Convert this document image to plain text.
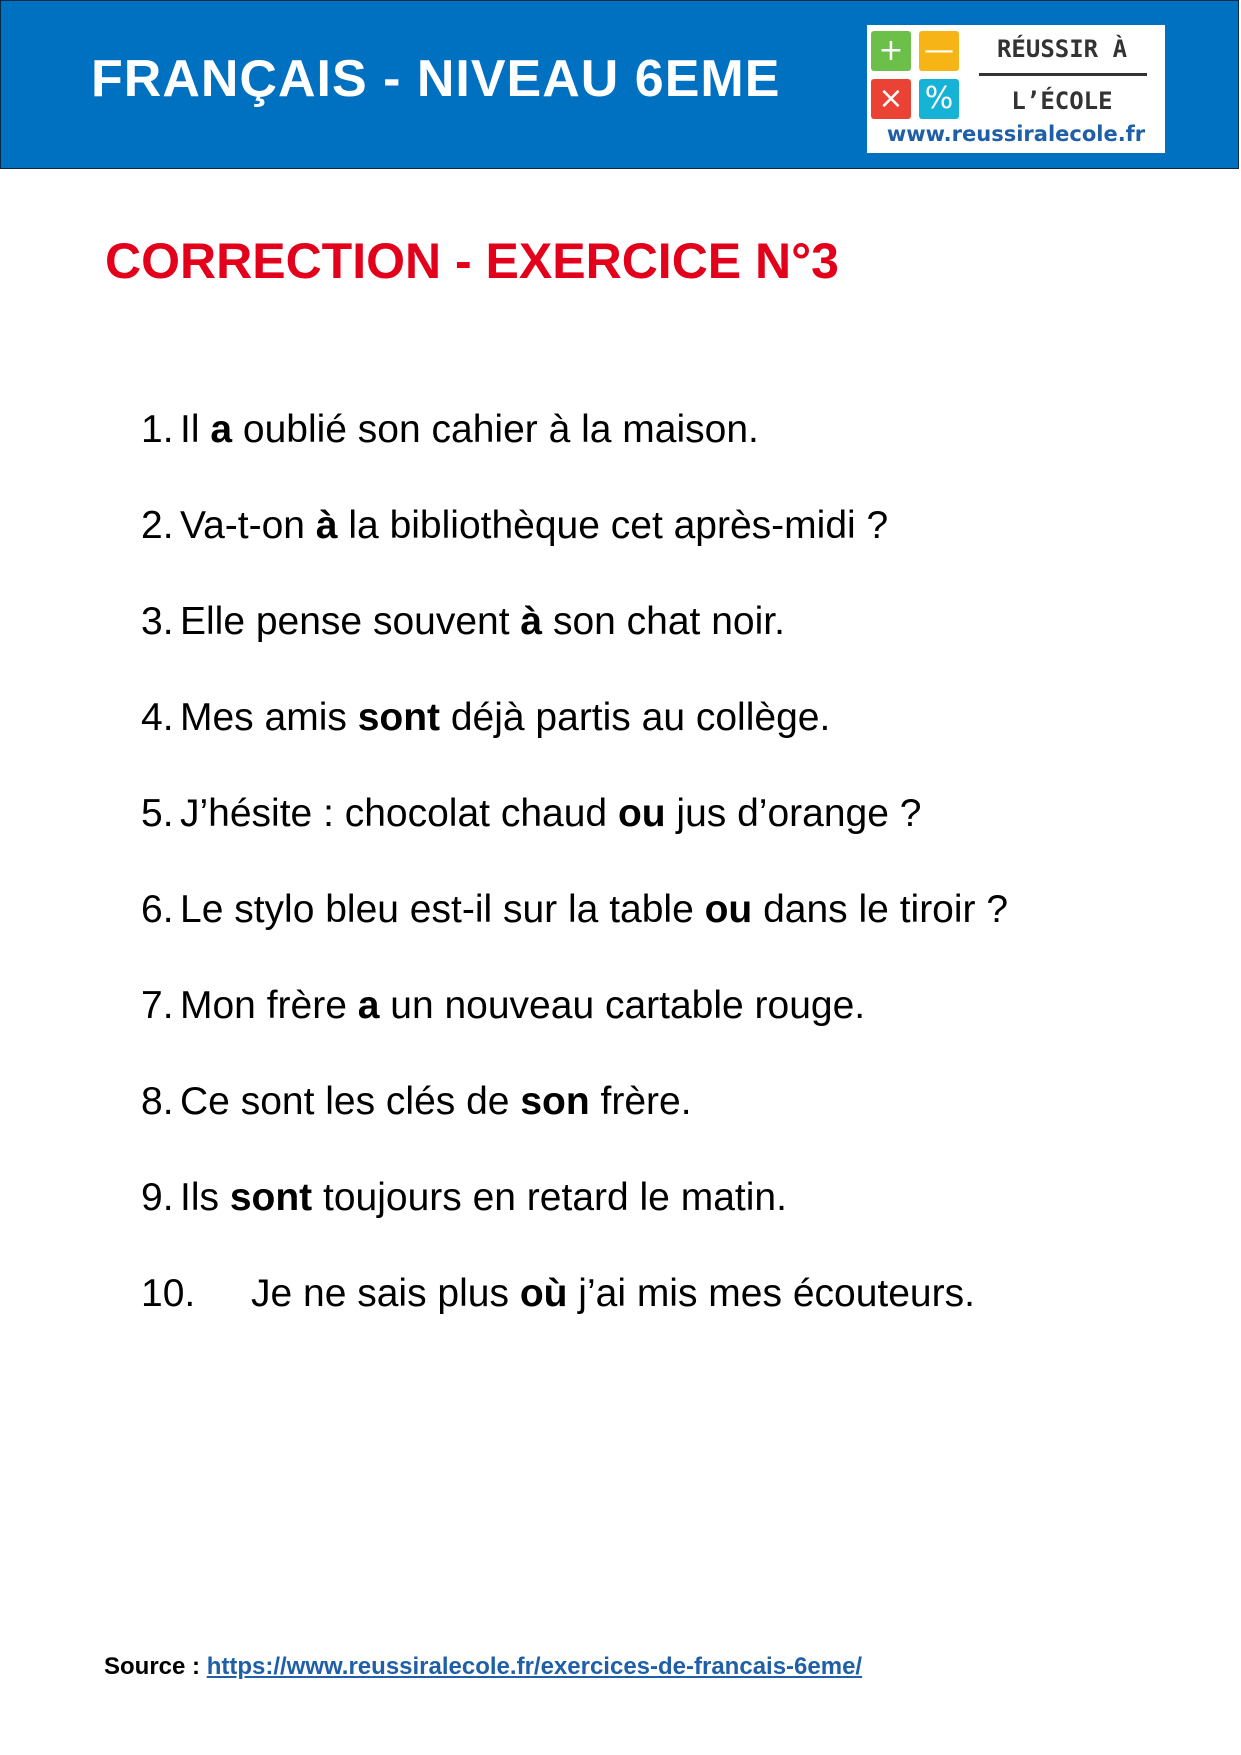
FRANÇAIS - NIVEAU 6EME	+ —
× %
RÉUSSIR À
L’ÉCOLE
www.reussiralecole.fr
CORRECTION - EXERCICE N°3
1. Il a oublié son cahier à la maison.
2. Va-t-on à la bibliothèque cet après-midi ?
3. Elle pense souvent à son chat noir.
4. Mes amis sont déjà partis au collège.
5. J’hésite : chocolat chaud ou jus d’orange ?
6. Le stylo bleu est-il sur la table ou dans le tiroir ?
7. Mon frère a un nouveau cartable rouge.
8. Ce sont les clés de son frère.
9. Ils sont toujours en retard le matin.
10. Je ne sais plus où j’ai mis mes écouteurs.
Source : https://www.reussiralecole.fr/exercices-de-francais-6eme/
